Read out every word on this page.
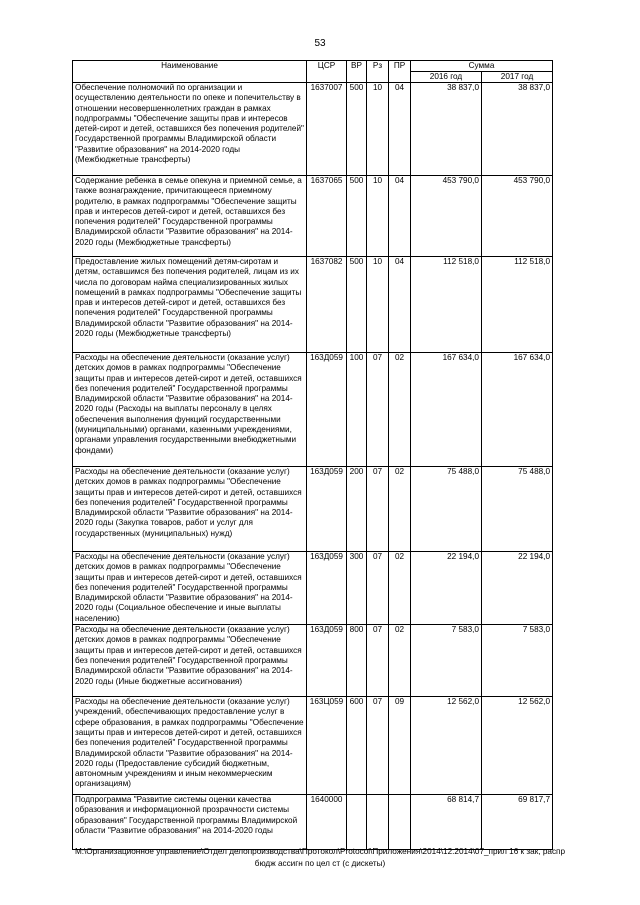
53
Наименование	ЦСР	ВР	Рз	ПР	Сумма	
					2016 год	2017 год
Обеспечение полномочий по организации и осуществлению деятельности по опеке и попечительству в отношении несовершеннолетних граждан в рамках подпрограммы "Обеспечение защиты прав и интересов детей-сирот и детей, оставшихся без попечения родителей" Государственной программы Владимирской области "Развитие образования" на 2014-2020 годы (Межбюджетные трансферты)	1637007	500	10	04	38 837,0	38 837,0
Содержание ребенка в семье опекуна и приемной семье, а также вознаграждение, причитающееся приемному родителю, в рамках подпрограммы "Обеспечение защиты прав и интересов детей-сирот и детей, оставшихся без попечения родителей" Государственной программы Владимирской области "Развитие образования" на 2014-2020 годы (Межбюджетные трансферты)	1637065	500	10	04	453 790,0	453 790,0
Предоставление жилых помещений детям-сиротам и детям, оставшимся без попечения родителей, лицам из их числа по договорам найма специализированных жилых помещений в рамках подпрограммы "Обеспечение защиты прав и интересов детей-сирот и детей, оставшихся без попечения родителей" Государственной программы Владимирской области "Развитие образования" на 2014-2020 годы (Межбюджетные трансферты)	1637082	500	10	04	112 518,0	112 518,0
Расходы на обеспечение деятельности (оказание услуг) детских домов в рамках подпрограммы "Обеспечение защиты прав и интересов детей-сирот и детей, оставшихся без попечения родителей" Государственной программы Владимирской области "Развитие образования" на 2014-2020 годы (Расходы на выплаты персоналу в целях обеспечения выполнения функций государственными (муниципальными) органами, казенными учреждениями, органами управления государственными внебюджетными фондами)	163Д059	100	07	02	167 634,0	167 634,0
Расходы на обеспечение деятельности (оказание услуг) детских домов в рамках подпрограммы "Обеспечение защиты прав и интересов детей-сирот и детей, оставшихся без попечения родителей" Государственной программы Владимирской области "Развитие образования" на 2014-2020 годы (Закупка товаров, работ и услуг для государственных (муниципальных) нужд)	163Д059	200	07	02	75 488,0	75 488,0
Расходы на обеспечение деятельности (оказание услуг) детских домов в рамках подпрограммы "Обеспечение защиты прав и интересов детей-сирот и детей, оставшихся без попечения родителей" Государственной программы Владимирской области "Развитие образования" на 2014-2020 годы (Социальное обеспечение и иные выплаты населению)	163Д059	300	07	02	22 194,0	22 194,0
Расходы на обеспечение деятельности (оказание услуг) детских домов в рамках подпрограммы "Обеспечение защиты прав и интересов детей-сирот и детей, оставшихся без попечения родителей" Государственной программы Владимирской области "Развитие образования" на 2014-2020 годы (Иные бюджетные ассигнования)	163Д059	800	07	02	7 583,0	7 583,0
Расходы на обеспечение деятельности (оказание услуг) учреждений, обеспечивающих предоставление услуг в сфере образования, в рамках подпрограммы "Обеспечение защиты прав и интересов детей-сирот и детей, оставшихся без попечения родителей" Государственной программы Владимирской области "Развитие образования" на 2014-2020 годы (Предоставление субсидий бюджетным, автономным учреждениям и иным некоммерческим организациям)	163Ц059	600	07	09	12 562,0	12 562,0
Подпрограмма "Развитие системы оценки качества образования и информационной прозрачности системы образования" Государственной программы Владимирской области "Развитие образования" на 2014-2020 годы	1640000				68 814,7	69 817,7
M:\Организационное управление\Отдел делопроизводства\Протокол\Protocol\Приложения\2014\12.2014\07_прил 16 к зак, распр
бюдж ассигн по цел ст (с дискеты)
